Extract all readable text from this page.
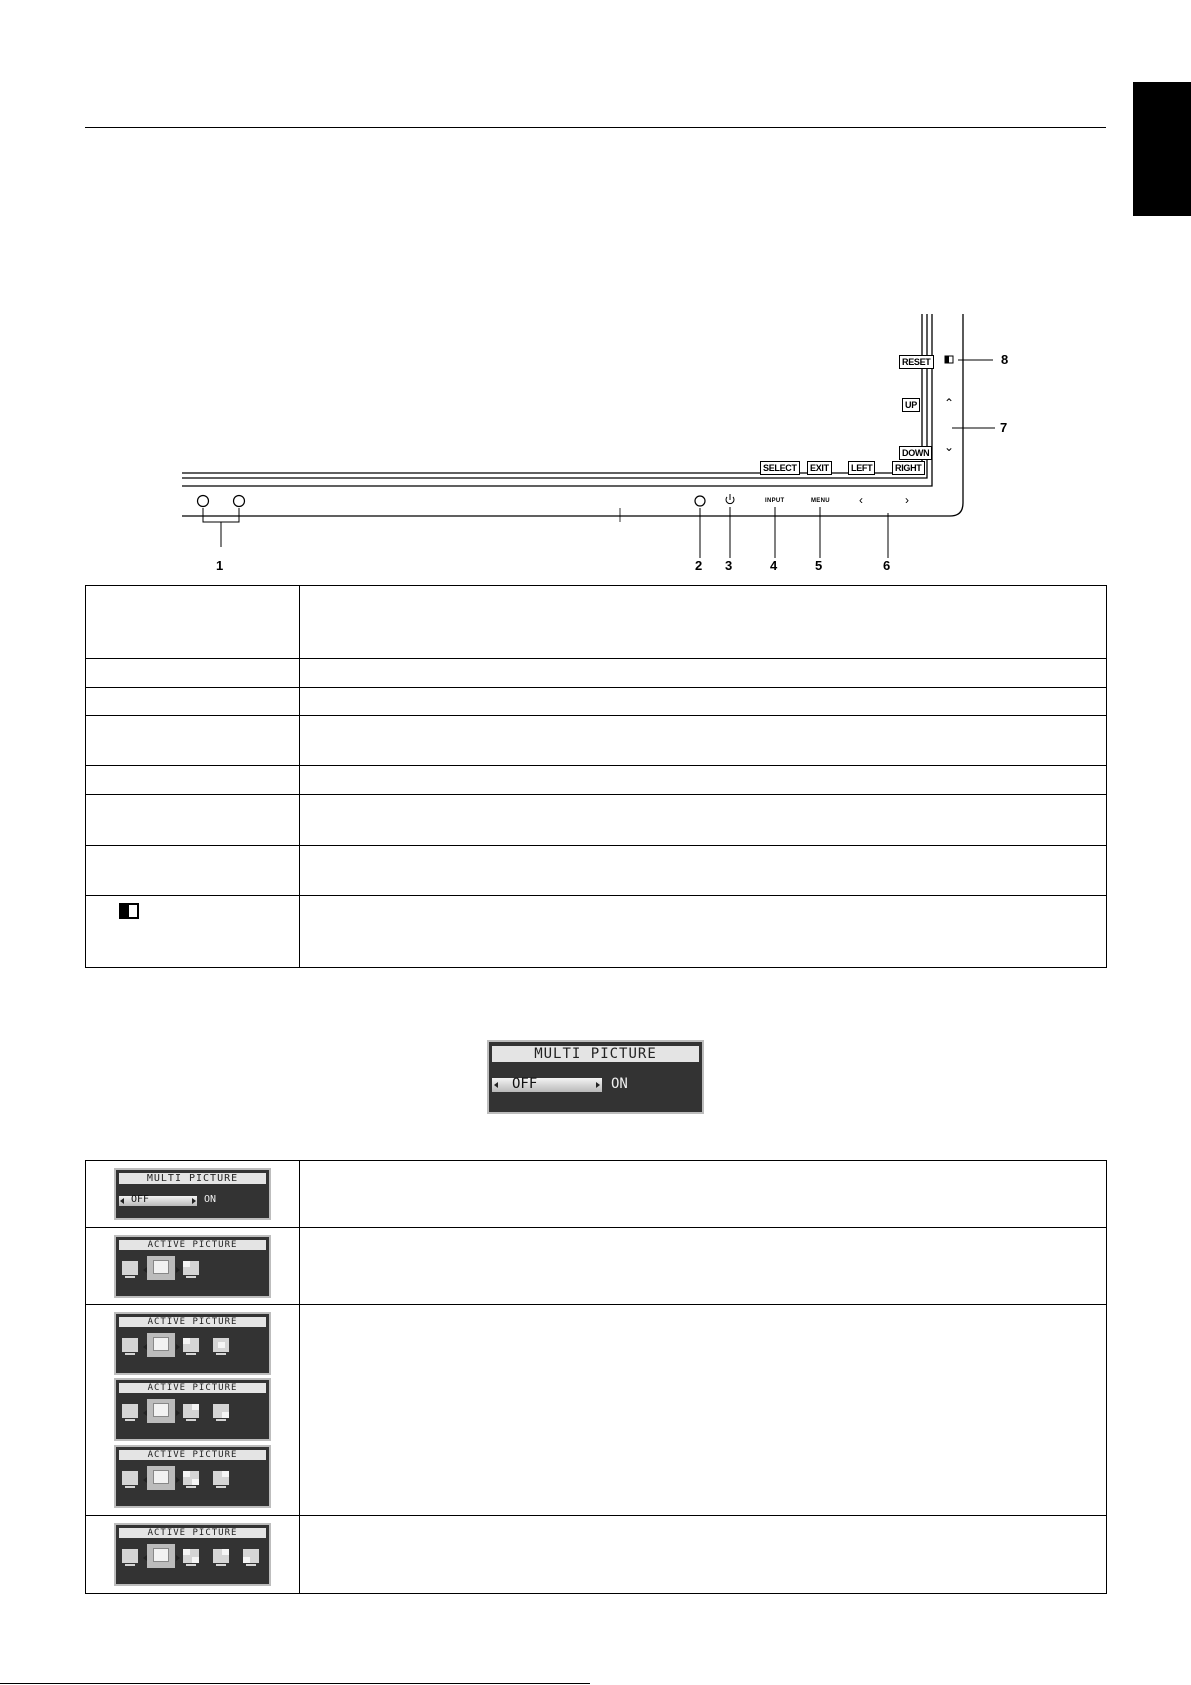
RESET
UP
DOWN
SELECT	EXIT	LEFT	RIGHT
⌃
⌄
INPUT	MENU ‹	›
1	2 3	4	5	6
7
8

MULTI PICTURE
OFF	ON
MULTI PICTURE
OFF ON	

ACTIVE PICTURE	

ACTIVE PICTURE
ACTIVE PICTURE
ACTIVE PICTURE	

ACTIVE PICTURE	
